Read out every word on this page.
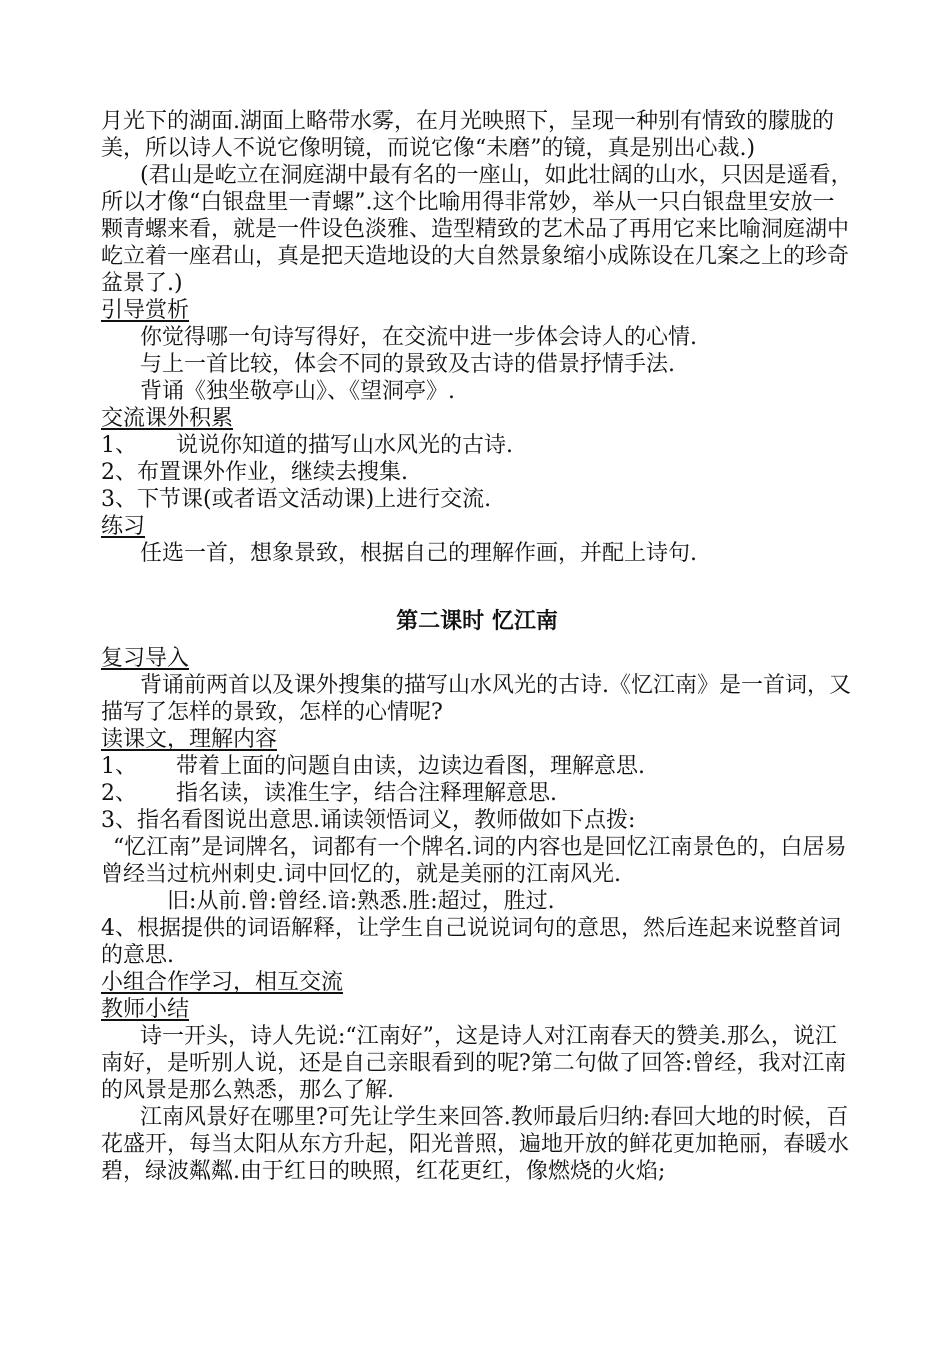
月光下的湖面.湖面上略带水雾，在月光映照下，呈现一种别有情致的朦胧的美，所以诗人不说它像明镜，而说它像“未磨”的镜，真是别出心裁.)

(君山是屹立在洞庭湖中最有名的一座山，如此壮阔的山水，只因是遥看，所以才像“白银盘里一青螺”.这个比喻用得非常妙，举从一只白银盘里安放一颗青螺来看，就是一件设色淡雅、造型精致的艺术品了再用它来比喻洞庭湖中屹立着一座君山，真是把天造地设的大自然景象缩小成陈设在几案之上的珍奇盆景了.)

引导赏析

你觉得哪一句诗写得好，在交流中进一步体会诗人的心情.

与上一首比较，体会不同的景致及古诗的借景抒情手法.

背诵《独坐敬亭山》、《望洞亭》.

交流课外积累

1、 说说你知道的描写山水风光的古诗.

2、布置课外作业，继续去搜集.

3、下节课(或者语文活动课)上进行交流.

练习

任选一首，想象景致，根据自己的理解作画，并配上诗句.

第二课时 忆江南

复习导入

背诵前两首以及课外搜集的描写山水风光的古诗.《忆江南》是一首词，又描写了怎样的景致，怎样的心情呢?

读课文，理解内容

1、 带着上面的问题自由读，边读边看图，理解意思.

2、 指名读，读准生字，结合注释理解意思.

3、指名看图说出意思.诵读领悟词义，教师做如下点拨:

“忆江南”是词牌名，词都有一个牌名.词的内容也是回忆江南景色的，白居易曾经当过杭州刺史.词中回忆的，就是美丽的江南风光.

旧:从前.曾:曾经.谙:熟悉.胜:超过，胜过.

4、根据提供的词语解释，让学生自己说说词句的意思，然后连起来说整首词的意思.

小组合作学习，相互交流

教师小结

诗一开头，诗人先说:“江南好”，这是诗人对江南春天的赞美.那么，说江南好，是听别人说，还是自己亲眼看到的呢?第二句做了回答:曾经，我对江南的风景是那么熟悉，那么了解.

江南风景好在哪里?可先让学生来回答.教师最后归纳:春回大地的时候，百花盛开，每当太阳从东方升起，阳光普照，遍地开放的鲜花更加艳丽，春暖水碧，绿波粼粼.由于红日的映照，红花更红，像燃烧的火焰;
